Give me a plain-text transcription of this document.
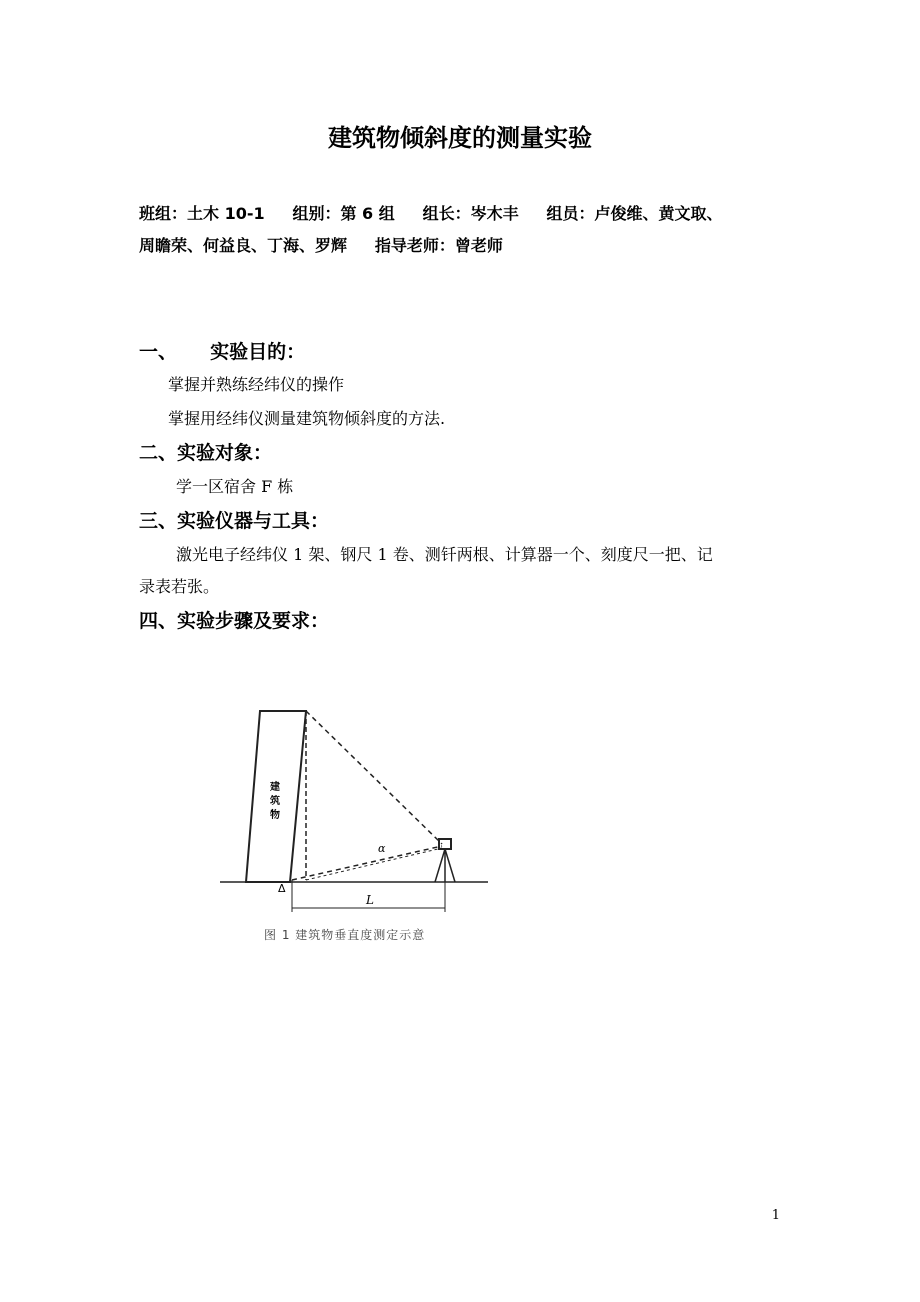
建筑物倾斜度的测量实验
班组：土木 10-1     组别：第 6 组     组长：岑木丰     组员：卢俊维、黄文取、
周瞻荣、何益良、丁海、罗辉     指导老师：曾老师
一、     实验目的：
掌握并熟练经纬仪的操作
掌握用经纬仪测量建筑物倾斜度的方法.
二、实验对象：
学一区宿舍 F 栋
三、实验仪器与工具：
激光电子经纬仪 1 架、钢尺 1 卷、测钎两根、计算器一个、刻度尺一把、记
录表若张。
四、实验步骤及要求：
建 筑 物
α
Δ
L
图 1 建筑物垂直度测定示意
1
